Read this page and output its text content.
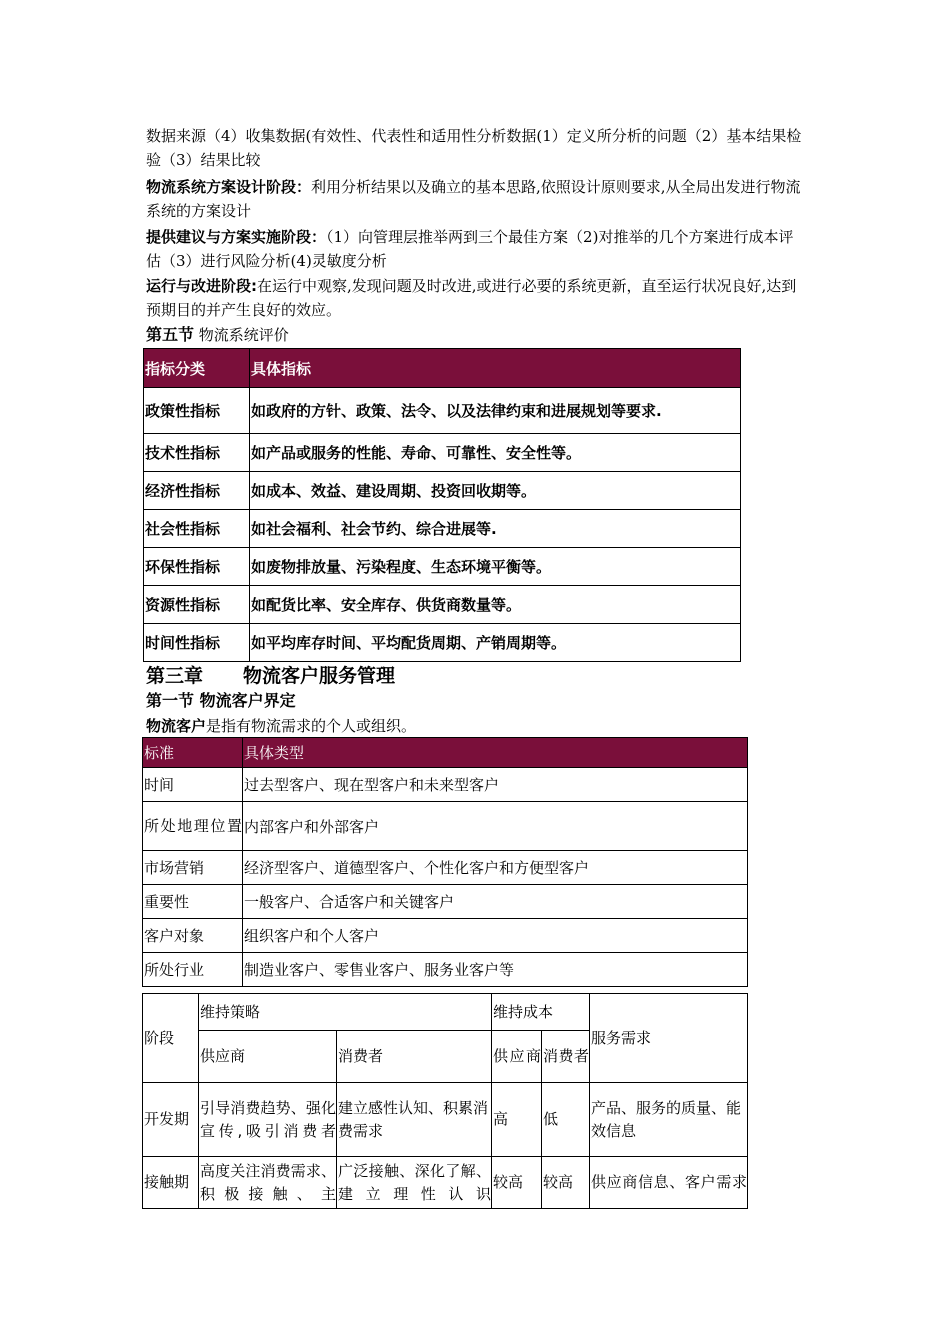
数据来源（4）收集数据(有效性、代表性和适用性分析数据(1）定义所分析的问题（2）基本结果检验（3）结果比较
物流系统方案设计阶段：利用分析结果以及确立的基本思路,依照设计原则要求,从全局出发进行物流系统的方案设计
提供建议与方案实施阶段：（1）向管理层推举两到三个最佳方案（2)对推举的几个方案进行成本评估（3）进行风险分析(4)灵敏度分析
运行与改进阶段:在运行中观察,发现问题及时改进,或进行必要的系统更新，直至运行状况良好,达到预期目的并产生良好的效应。
第五节 物流系统评价
指标分类	具体指标
政策性指标	如政府的方针、政策、法令、以及法律约束和进展规划等要求.
技术性指标	如产品或服务的性能、寿命、可靠性、安全性等。
经济性指标	如成本、效益、建设周期、投资回收期等。
社会性指标	如社会福利、社会节约、综合进展等.
环保性指标	如废物排放量、污染程度、生态环境平衡等。
资源性指标	如配货比率、安全库存、供货商数量等。
时间性指标	如平均库存时间、平均配货周期、产销周期等。
第三章 物流客户服务管理
第一节 物流客户界定
物流客户是指有物流需求的个人或组织。
标准	具体类型
时间	过去型客户、现在型客户和未来型客户
所处地理位置	内部客户和外部客户
市场营销	经济型客户、道德型客户、个性化客户和方便型客户
重要性	一般客户、合适客户和关键客户
客户对象	组织客户和个人客户
所处行业	制造业客户、零售业客户、服务业客户等
阶段	维持策略		维持成本		服务需求
	供应商	消费者	供应商	消费者	
开发期	引导消费趋势、强化宣传,吸引消费者	建立感性认知、积累消费需求	高	低	产品、服务的质量、能效信息
接触期	高度关注消费需求、积极接触、主	广泛接触、深化了解、建立理性认识	较高	较高	供应商信息、客户需求
